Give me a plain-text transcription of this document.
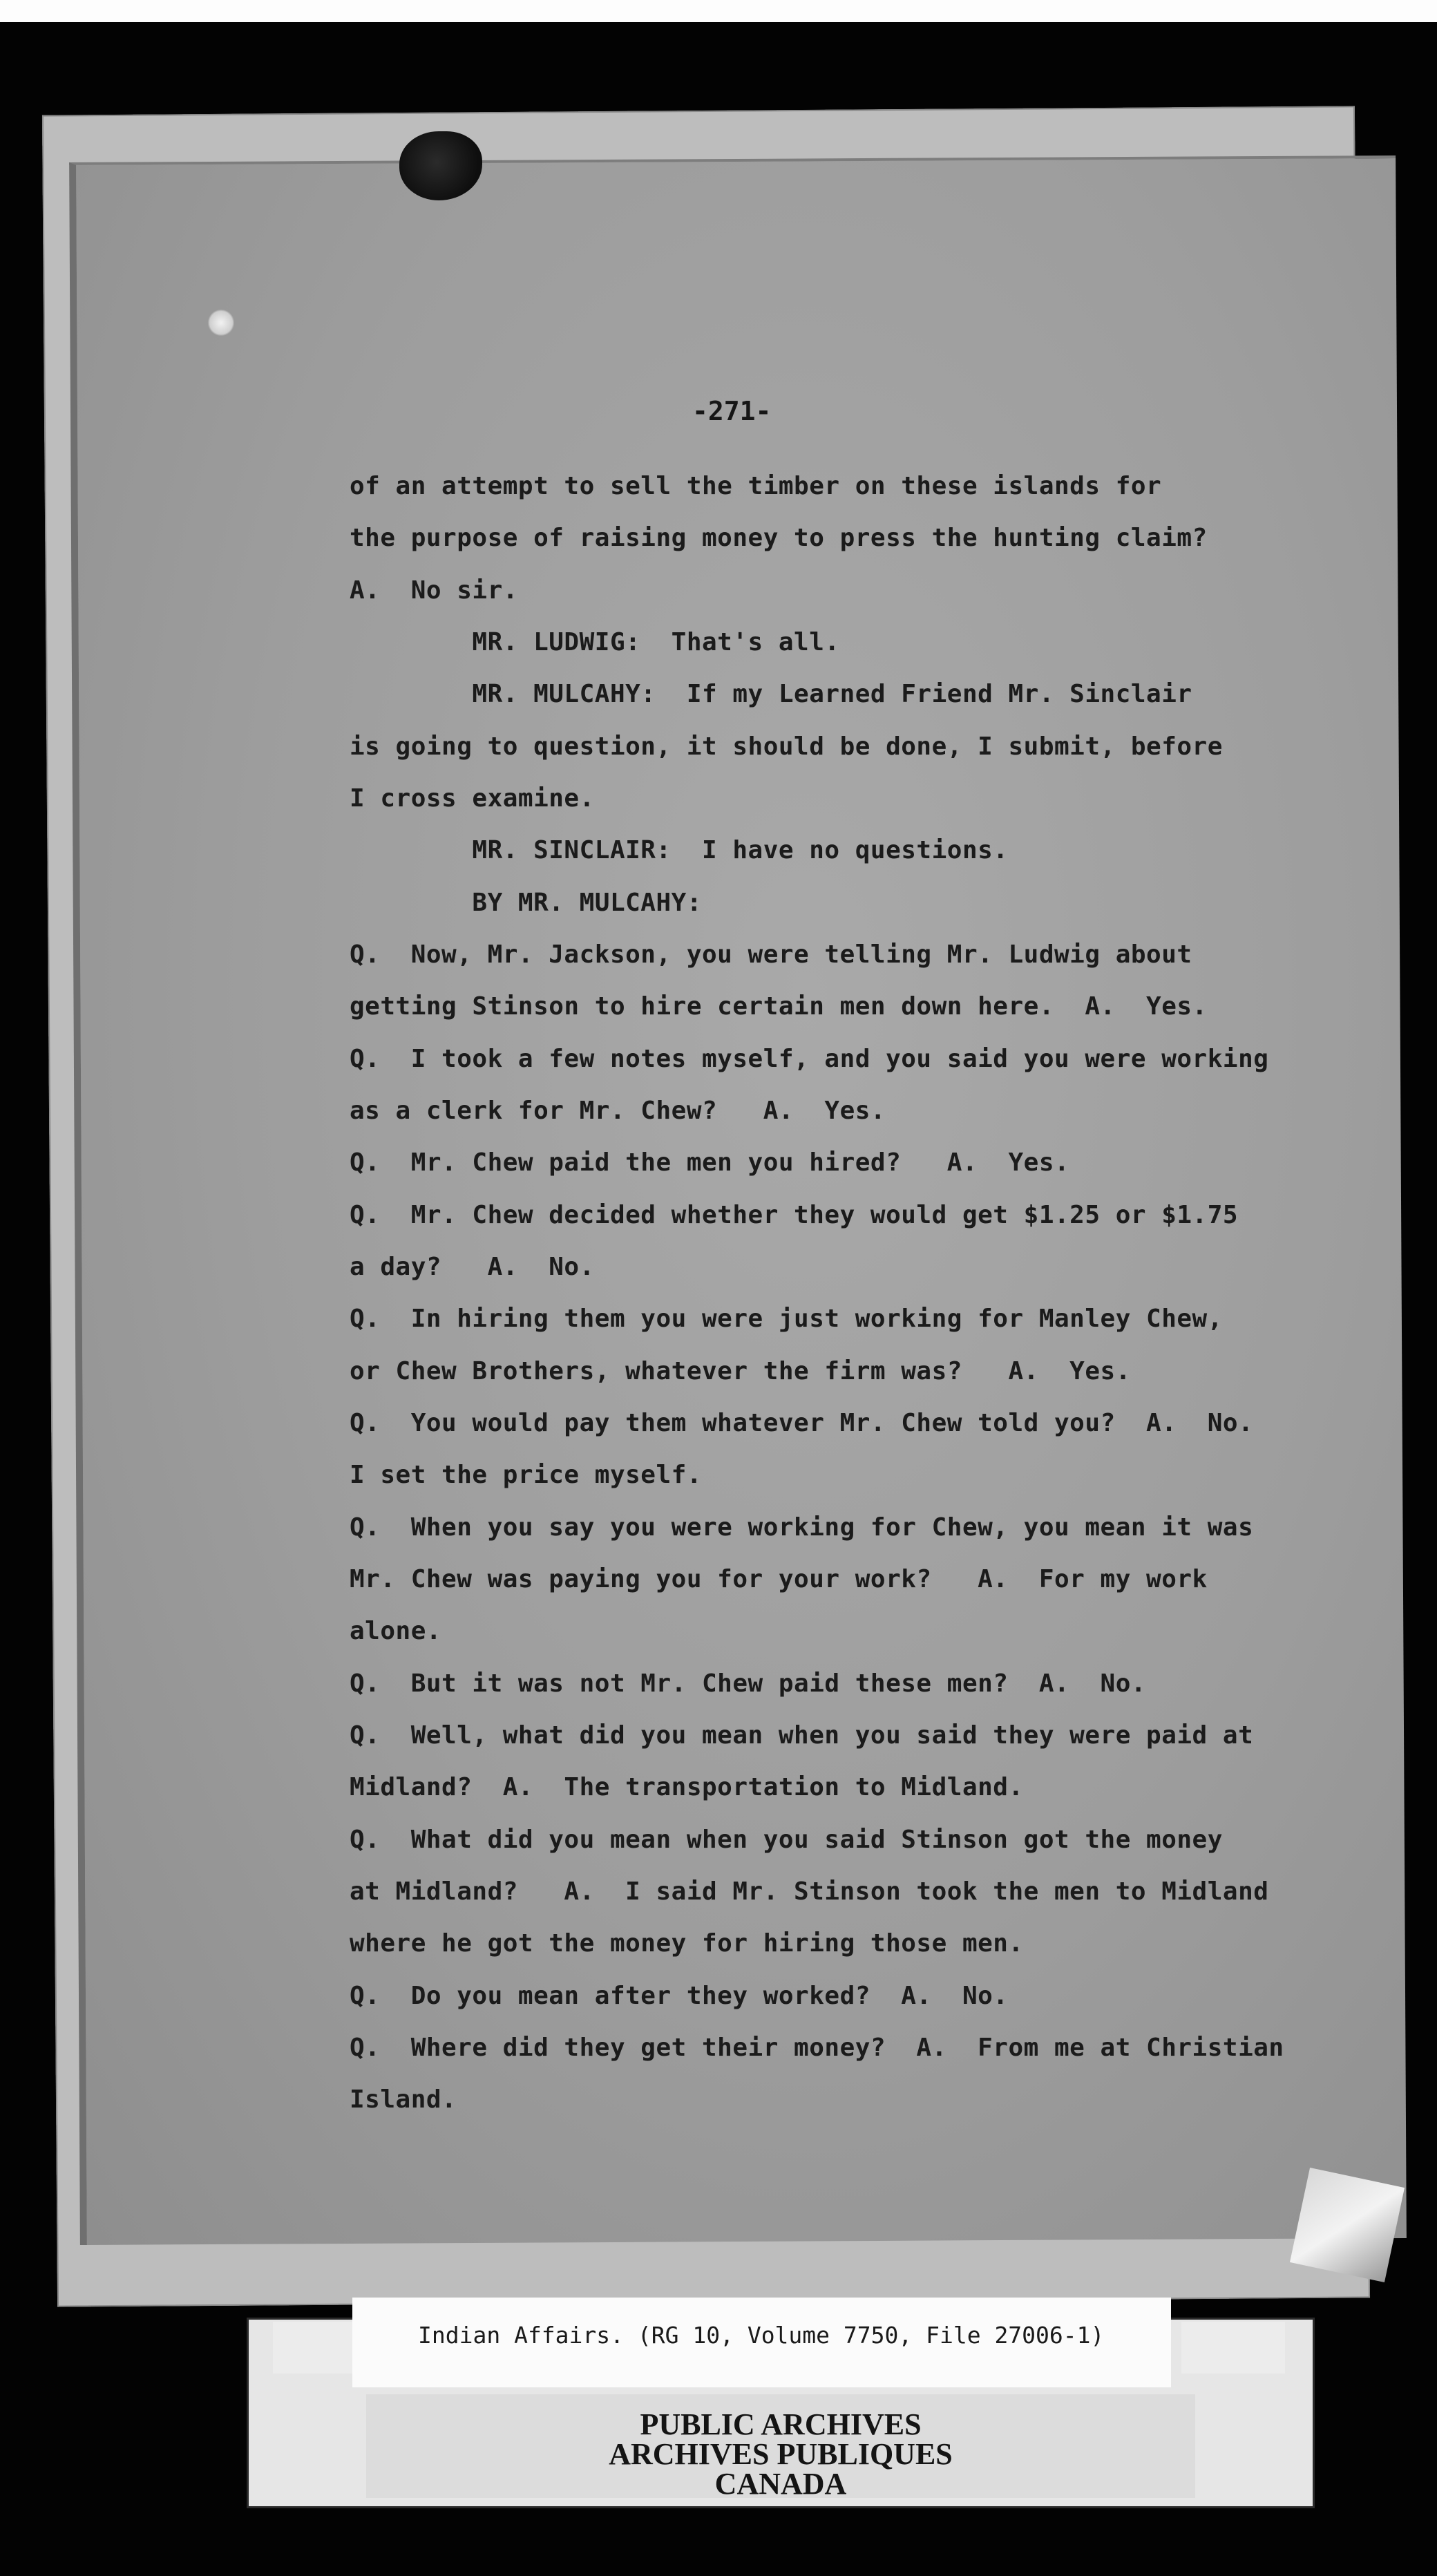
-271-
of an attempt to sell the timber on these islands for
the purpose of raising money to press the hunting claim?
A.  No sir.
MR. LUDWIG:  That's all.
MR. MULCAHY:  If my Learned Friend Mr. Sinclair
is going to question, it should be done, I submit, before
I cross examine.
MR. SINCLAIR:  I have no questions.
BY MR. MULCAHY:
Q.  Now, Mr. Jackson, you were telling Mr. Ludwig about
getting Stinson to hire certain men down here.  A.  Yes.
Q.  I took a few notes myself, and you said you were working
as a clerk for Mr. Chew?   A.  Yes.
Q.  Mr. Chew paid the men you hired?   A.  Yes.
Q.  Mr. Chew decided whether they would get $1.25 or $1.75
a day?   A.  No.
Q.  In hiring them you were just working for Manley Chew,
or Chew Brothers, whatever the firm was?   A.  Yes.
Q.  You would pay them whatever Mr. Chew told you?  A.  No.
I set the price myself.
Q.  When you say you were working for Chew, you mean it was
Mr. Chew was paying you for your work?   A.  For my work
alone.
Q.  But it was not Mr. Chew paid these men?  A.  No.
Q.  Well, what did you mean when you said they were paid at
Midland?  A.  The transportation to Midland.
Q.  What did you mean when you said Stinson got the money
at Midland?   A.  I said Mr. Stinson took the men to Midland
where he got the money for hiring those men.
Q.  Do you mean after they worked?  A.  No.
Q.  Where did they get their money?  A.  From me at Christian
Island.
Indian Affairs. (RG 10, Volume 7750, File 27006-1)
PUBLIC ARCHIVES
ARCHIVES PUBLIQUES
CANADA
